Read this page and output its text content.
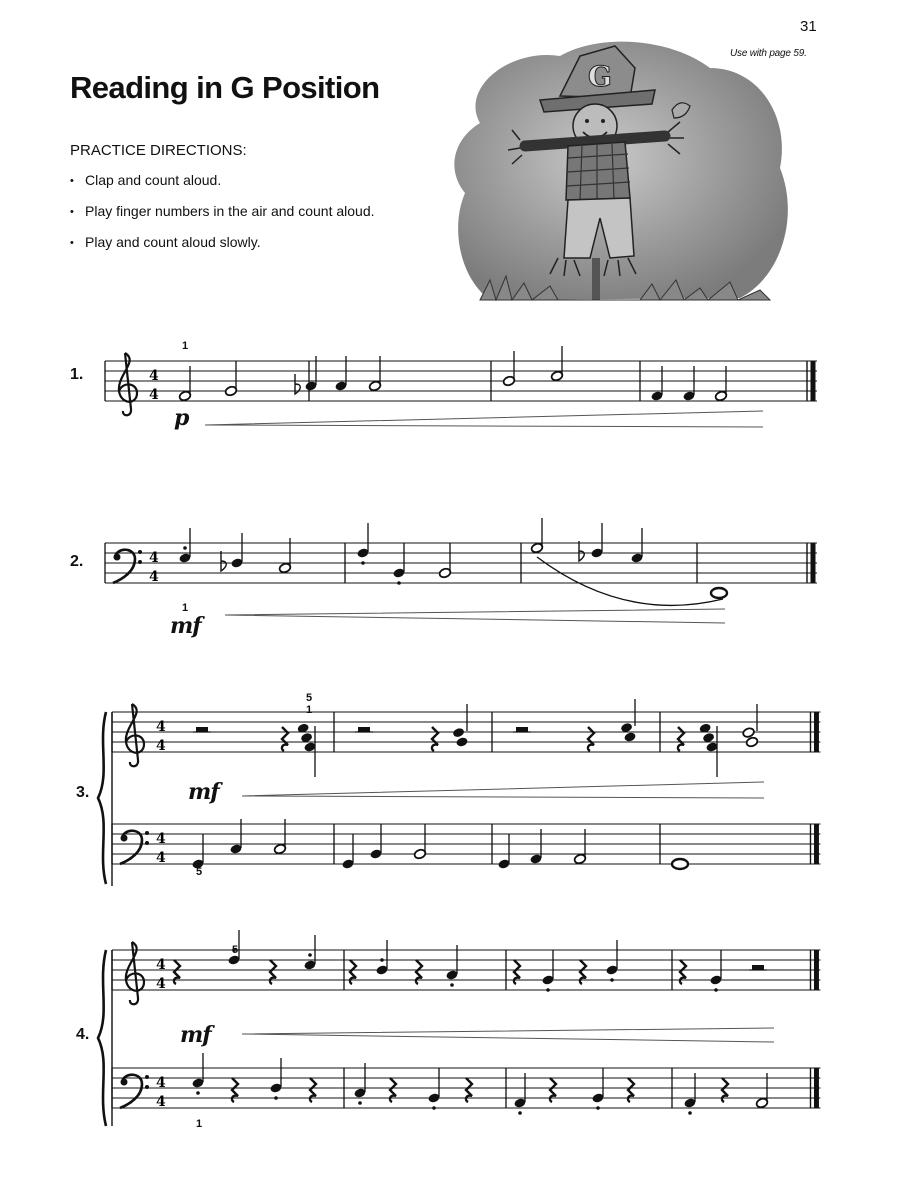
31
Use with page 59.
Reading in G Position
PRACTICE DIRECTIONS:
• Clap and count aloud.
• Play finger numbers in the air and count aloud.
• Play and count aloud slowly.
G
4
4
4
4
4
4
4
4
4
4
4
4
1.
p
1
2.
mf
1
3.	mf
5
1
5
4.	mf
5
1
